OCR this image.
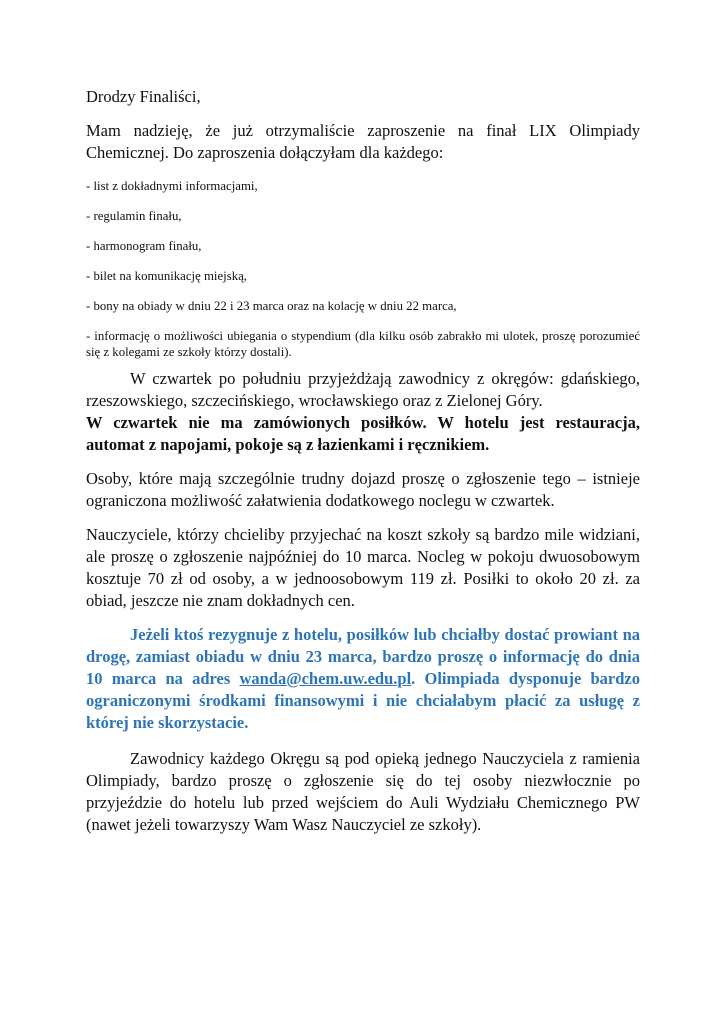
Drodzy Finaliści,

Mam nadzieję, że już otrzymaliście zaproszenie na finał LIX Olimpiady Chemicznej. Do zaproszenia dołączyłam dla każdego:

- list z dokładnymi informacjami,

- regulamin finału,

- harmonogram finału,

- bilet na komunikację miejską,

- bony na obiady w dniu 22 i 23 marca oraz na kolację w dniu 22 marca,

- informację o możliwości ubiegania o stypendium (dla kilku osób zabrakło mi ulotek, proszę porozumieć się z kolegami ze szkoły którzy dostali).

W czwartek po południu przyjeżdżają zawodnicy z okręgów: gdańskiego, rzeszowskiego, szczecińskiego, wrocławskiego oraz z Zielonej Góry.

W czwartek nie ma zamówionych posiłków. W hotelu jest restauracja, automat z napojami, pokoje są z łazienkami i ręcznikiem.

Osoby, które mają szczególnie trudny dojazd proszę o zgłoszenie tego – istnieje ograniczona możliwość załatwienia dodatkowego noclegu w czwartek.

Nauczyciele, którzy chcieliby przyjechać na koszt szkoły są bardzo mile widziani, ale proszę o zgłoszenie najpóźniej do 10 marca. Nocleg w pokoju dwuosobowym kosztuje 70 zł od osoby, a w jednoosobowym 119 zł. Posiłki to około 20 zł. za obiad, jeszcze nie znam dokładnych cen.

Jeżeli ktoś rezygnuje z hotelu, posiłków lub chciałby dostać prowiant na drogę, zamiast obiadu w dniu 23 marca, bardzo proszę o informację do dnia 10 marca na adres wanda@chem.uw.edu.pl. Olimpiada dysponuje bardzo ograniczonymi środkami finansowymi i nie chciałabym płacić za usługę z której nie skorzystacie.

Zawodnicy każdego Okręgu są pod opieką jednego Nauczyciela z ramienia Olimpiady, bardzo proszę o zgłoszenie się do tej osoby niezwłocznie po przyjeździe do hotelu lub przed wejściem do Auli Wydziału Chemicznego PW (nawet jeżeli towarzyszy Wam Wasz Nauczyciel ze szkoły).
